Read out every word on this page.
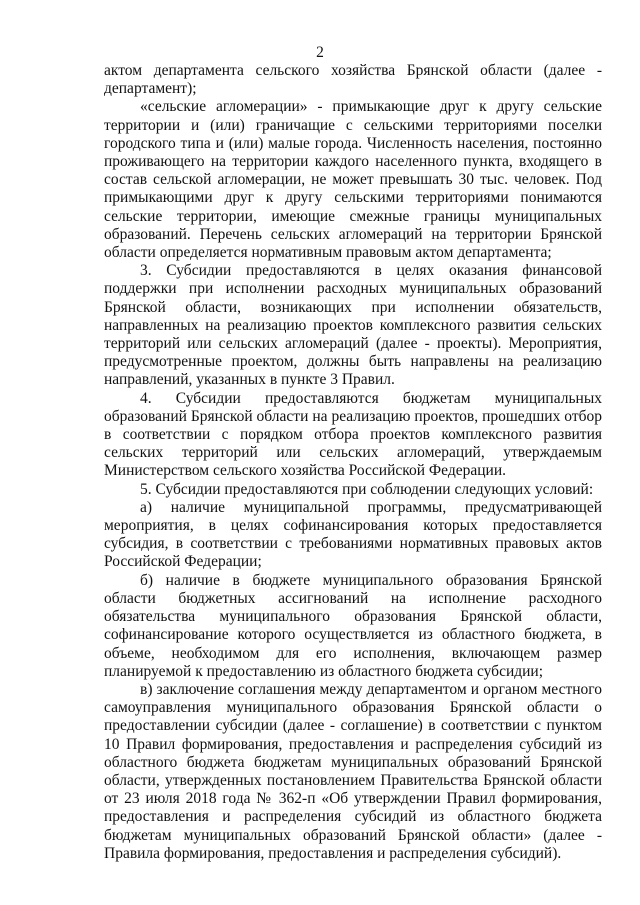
2

актом департамента сельского хозяйства Брянской области (далее - департамент);

«сельские агломерации» - примыкающие друг к другу сельские территории и (или) граничащие с сельскими территориями поселки городского типа и (или) малые города. Численность населения, постоянно проживающего на территории каждого населенного пункта, входящего в состав сельской агломерации, не может превышать 30 тыс. человек. Под примыкающими друг к другу сельскими территориями понимаются сельские территории, имеющие смежные границы муниципальных образований. Перечень сельских агломераций на территории Брянской области определяется нормативным правовым актом департамента;

3. Субсидии предоставляются в целях оказания финансовой поддержки при исполнении расходных муниципальных образований Брянской области, возникающих при исполнении обязательств, направленных на реализацию проектов комплексного развития сельских территорий или сельских агломераций (далее - проекты). Мероприятия, предусмотренные проектом, должны быть направлены на реализацию направлений, указанных в пункте 3 Правил.

4. Субсидии предоставляются бюджетам муниципальных образований Брянской области на реализацию проектов, прошедших отбор в соответствии с порядком отбора проектов комплексного развития сельских территорий или сельских агломераций, утверждаемым Министерством сельского хозяйства Российской Федерации.

5. Субсидии предоставляются при соблюдении следующих условий:

а) наличие муниципальной программы, предусматривающей мероприятия, в целях софинансирования которых предоставляется субсидия, в соответствии с требованиями нормативных правовых актов Российской Федерации;

б) наличие в бюджете муниципального образования Брянской области бюджетных ассигнований на исполнение расходного обязательства муниципального образования Брянской области, софинансирование которого осуществляется из областного бюджета, в объеме, необходимом для его исполнения, включающем размер планируемой к предоставлению из областного бюджета субсидии;

в) заключение соглашения между департаментом и органом местного самоуправления муниципального образования Брянской области о предоставлении субсидии (далее - соглашение) в соответствии с пунктом 10 Правил формирования, предоставления и распределения субсидий из областного бюджета бюджетам муниципальных образований Брянской области, утвержденных постановлением Правительства Брянской области от 23 июля 2018 года № 362-п «Об утверждении Правил формирования, предоставления и распределения субсидий из областного бюджета бюджетам муниципальных образований Брянской области» (далее - Правила формирования, предоставления и распределения субсидий).
